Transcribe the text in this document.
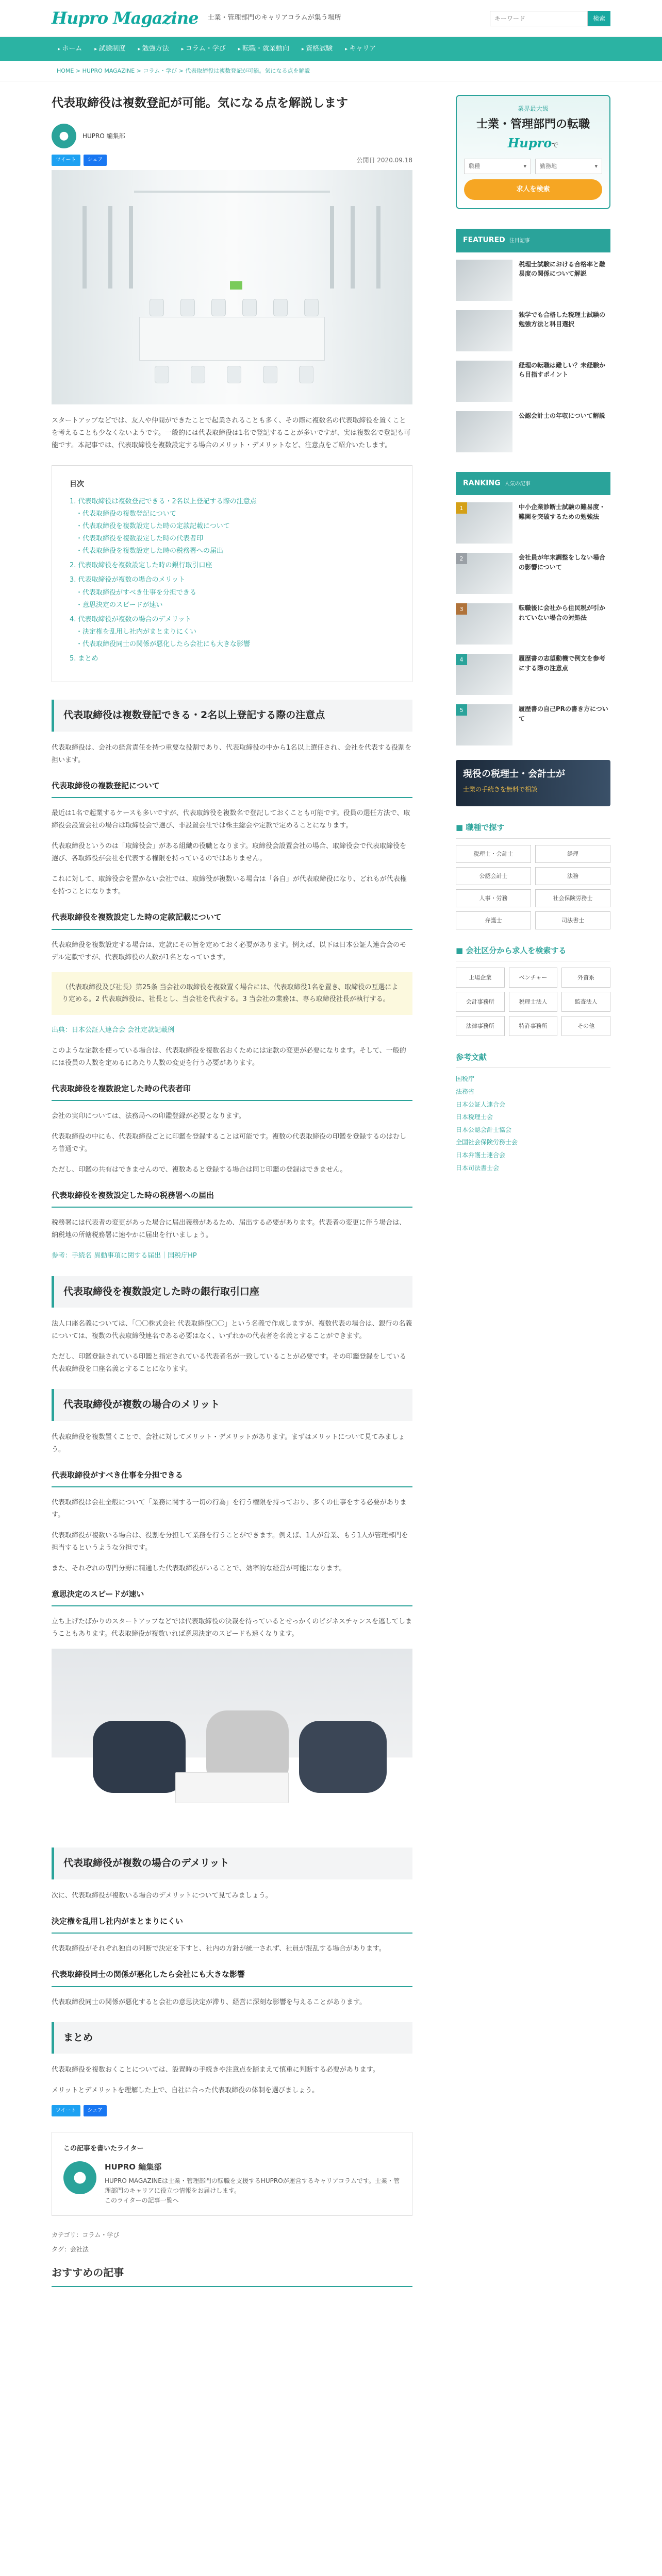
Hupro Magazine 士業・管理部門のキャリアコラムが集う場所
キーワード	検索
▸ ホーム	▸ 試験制度	▸ 勉強方法	▸ コラム・学び	▸ 転職・就業動向	▸ 資格試験	▸ キャリア
HOME > HUPRO MAGAZINE > コラム・学び > 代表取締役は複数登記が可能。気になる点を解説
代表取締役は複数登記が可能。気になる点を解説します
●	HUPRO 編集部
ツイート	シェア	公開日 2020.09.18
スタートアップなどでは、友人や仲間ができたことで起業されることも多く、その際に複数名の代表取締役を置くことを考えることも少なくないようです。一般的には代表取締役は1名で登記することが多いですが、実は複数名で登記も可能です。本記事では、代表取締役を複数設定する場合のメリット・デメリットなど、注意点をご紹介いたします。
目次
1. 代表取締役は複数登記できる・2名以上登記する際の注意点
・ 代表取締役の複数登記について
・ 代表取締役を複数設定した時の定款記載について
・ 代表取締役を複数設定した時の代表者印
・ 代表取締役を複数設定した時の税務署への届出
2. 代表取締役を複数設定した時の銀行取引口座
3. 代表取締役が複数の場合のメリット
・ 代表取締役がすべき仕事を分担できる
・ 意思決定のスピードが速い
4. 代表取締役が複数の場合のデメリット
・ 決定権を乱用し社内がまとまりにくい
・ 代表取締役同士の関係が悪化したら会社にも大きな影響
5. まとめ
代表取締役は複数登記できる・2名以上登記する際の注意点

代表取締役は、会社の経営責任を持つ重要な役割であり、代表取締役の中から1名以上選任され、会社を代表する役割を担います。

代表取締役の複数登記について

最近は1名で起業するケースも多いですが、代表取締役を複数名で登記しておくことも可能です。役員の選任方法で、取締役会設置会社の場合は取締役会で選び、非設置会社では株主総会や定款で定めることになります。

代表取締役というのは「取締役会」がある組織の役職となります。取締役会設置会社の場合、取締役会で代表取締役を選び、各取締役が会社を代表する権限を持っているのではありません。

これに対して、取締役会を置かない会社では、取締役が複数いる場合は「各自」が代表取締役になり、どれもが代表権を持つことになります。

代表取締役を複数設定した時の定款記載について

代表取締役を複数設定する場合は、定款にその旨を定めておく必要があります。例えば、以下は日本公証人連合会のモデル定款ですが、代表取締役の人数が1名となっています。

（代表取締役及び社長）第25条 当会社の取締役を複数置く場合には、代表取締役1名を置き、取締役の互選により定める。2 代表取締役は、社長とし、当会社を代表する。3 当会社の業務は、専ら取締役社長が執行する。

出典：日本公証人連合会 会社定款記載例

このような定款を使っている場合は、代表取締役を複数名おくためには定款の変更が必要になります。そして、一般的には役員の人数を定めるにあたり人数の変更を行う必要があります。

代表取締役を複数設定した時の代表者印

会社の実印については、法務局への印鑑登録が必要となります。

代表取締役の中にも、代表取締役ごとに印鑑を登録することは可能です。複数の代表取締役の印鑑を登録するのはむしろ普通です。

ただし、印鑑の共有はできませんので、複数あると登録する場合は同じ印鑑の登録はできません。

代表取締役を複数設定した時の税務署への届出

税務署には代表者の変更があった場合に届出義務があるため、届出する必要があります。代表者の変更に伴う場合は、納税地の所轄税務署に速やかに届出を行いましょう。

参考：手続名 異動事項に関する届出｜国税庁HP

代表取締役を複数設定した時の銀行取引口座

法人口座名義については、「〇〇株式会社 代表取締役〇〇」という名義で作成しますが、複数代表の場合は、銀行の名義については、複数の代表取締役連名である必要はなく、いずれかの代表者を名義とすることができます。

ただし、印鑑登録されている印鑑と指定されている代表者名が一致していることが必要です。その印鑑登録をしている代表取締役を口座名義とすることになります。

代表取締役が複数の場合のメリット

代表取締役を複数置くことで、会社に対してメリット・デメリットがあります。まずはメリットについて見てみましょう。

代表取締役がすべき仕事を分担できる

代表取締役は会社全般について「業務に関する一切の行為」を行う権限を持っており、多くの仕事をする必要があります。

代表取締役が複数いる場合は、役割を分担して業務を行うことができます。例えば、1人が営業、もう1人が管理部門を担当するというような分担です。

また、それぞれの専門分野に精通した代表取締役がいることで、効率的な経営が可能になります。

意思決定のスピードが速い

立ち上げたばかりのスタートアップなどでは代表取締役の決裁を待っているとせっかくのビジネスチャンスを逃してしまうこともあります。代表取締役が複数いれば意思決定のスピードも速くなります。

代表取締役が複数の場合のデメリット

次に、代表取締役が複数いる場合のデメリットについて見てみましょう。

決定権を乱用し社内がまとまりにくい

代表取締役がそれぞれ独自の判断で決定を下すと、社内の方針が統一されず、社員が混乱する場合があります。

代表取締役同士の関係が悪化したら会社にも大きな影響

代表取締役同士の関係が悪化すると会社の意思決定が滞り、経営に深刻な影響を与えることがあります。

まとめ

代表取締役を複数おくことについては、設置時の手続きや注意点を踏まえて慎重に判断する必要があります。

メリットとデメリットを理解した上で、自社に合った代表取締役の体制を選びましょう。

ツイート	シェア
この記事を書いたライター
●
HUPRO 編集部
HUPRO MAGAZINEは士業・管理部門の転職を支援するHUPROが運営するキャリアコラムです。士業・管理部門のキャリアに役立つ情報をお届けします。
このライターの記事一覧へ
カテゴリ：コラム・学び
タグ：会社法
おすすめの記事
業界最大級
士業・管理部門の転職
Huproで
職種	▾ 勤務地	▾
求人を検索
FEATURED 注目記事
税理士試験における合格率と難易度の関係について解説
独学でも合格した税理士試験の勉強方法と科目選択
経理の転職は難しい？未経験から目指すポイント
公認会計士の年収について解説
RANKING 人気の記事
1	中小企業診断士試験の難易度・難関を突破するための勉強法
2	会社員が年末調整をしない場合の影響について
3	転職後に会社から住民税が引かれていない場合の対処法
4	履歴書の志望動機で例文を参考にする際の注意点
5	履歴書の自己PRの書き方について
現役の税理士・会計士が
士業の手続きを無料で相談
■ 職種で探す
税理士・会計士	経理
公認会計士	法務
人事・労務	社会保険労務士
弁護士	司法書士
■ 会社区分から求人を検索する
上場企業	ベンチャー	外資系
会計事務所	税理士法人	監査法人
法律事務所	特許事務所	その他
参考文献
国税庁
法務省
日本公証人連合会
日本税理士会
日本公認会計士協会
全国社会保険労務士会
日本弁護士連合会
日本司法書士会
